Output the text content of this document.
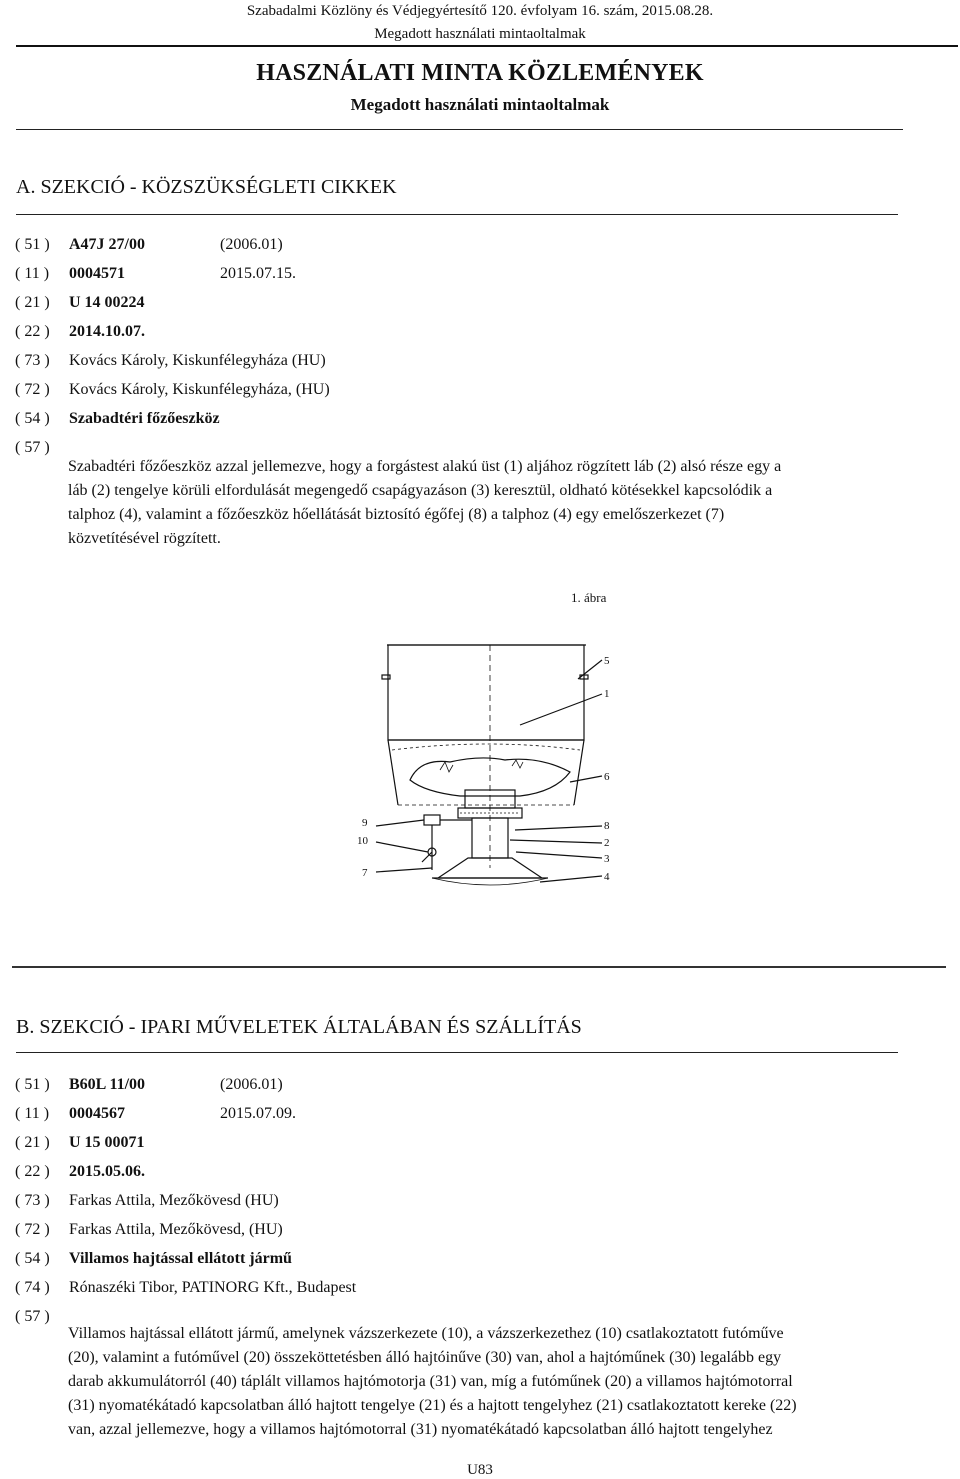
Szabadalmi Közlöny és Védjegyértesítő 120. évfolyam 16. szám, 2015.08.28.
Megadott használati mintaoltalmak
HASZNÁLATI MINTA KÖZLEMÉNYEK
Megadott használati mintaoltalmak
A. SZEKCIÓ - KÖZSZÜKSÉGLETI CIKKEK
( 51 ) A47J 27/00	(2006.01)
( 11 ) 0004571	2015.07.15.
( 21 ) U 14 00224
( 22 ) 2014.10.07.
( 73 ) Kovács Károly, Kiskunfélegyháza (HU)
( 72 ) Kovács Károly, Kiskunfélegyháza, (HU)
( 54 ) Szabadtéri főzőeszköz
( 57 )
Szabadtéri főzőeszköz azzal jellemezve, hogy a forgástest alakú üst (1) aljához rögzített láb (2) alsó része egy a
láb (2) tengelye körüli elfordulását megengedő csapágyazáson (3) keresztül, oldható kötésekkel kapcsolódik a
talphoz (4), valamint a főzőeszköz hőellátását biztosító égőfej (8) a talphoz (4) egy emelőszerkezet (7)
közvetítésével rögzített.
1. ábra
5
1
6
9	8
10	2
3
7	4
B. SZEKCIÓ - IPARI MŰVELETEK ÁLTALÁBAN ÉS SZÁLLÍTÁS
( 51 ) B60L 11/00	(2006.01)
( 11 ) 0004567	2015.07.09.
( 21 ) U 15 00071
( 22 ) 2015.05.06.
( 73 ) Farkas Attila, Mezőkövesd (HU)
( 72 ) Farkas Attila, Mezőkövesd, (HU)
( 54 ) Villamos hajtással ellátott jármű
( 74 ) Rónaszéki Tibor, PATINORG Kft., Budapest
( 57 )
Villamos hajtással ellátott jármű, amelynek vázszerkezete (10), a vázszerkezethez (10) csatlakoztatott futóműve
(20), valamint a futóművel (20) összeköttetésben álló hajtóinűve (30) van, ahol a hajtóműnek (30) legalább egy
darab akkumulátorról (40) táplált villamos hajtómotorja (31) van, míg a futóműnek (20) a villamos hajtómotorral
(31) nyomatékátadó kapcsolatban álló hajtott tengelye (21) és a hajtott tengelyhez (21) csatlakoztatott kereke (22)
van, azzal jellemezve, hogy a villamos hajtómotorral (31) nyomatékátadó kapcsolatban álló hajtott tengelyhez
U83
